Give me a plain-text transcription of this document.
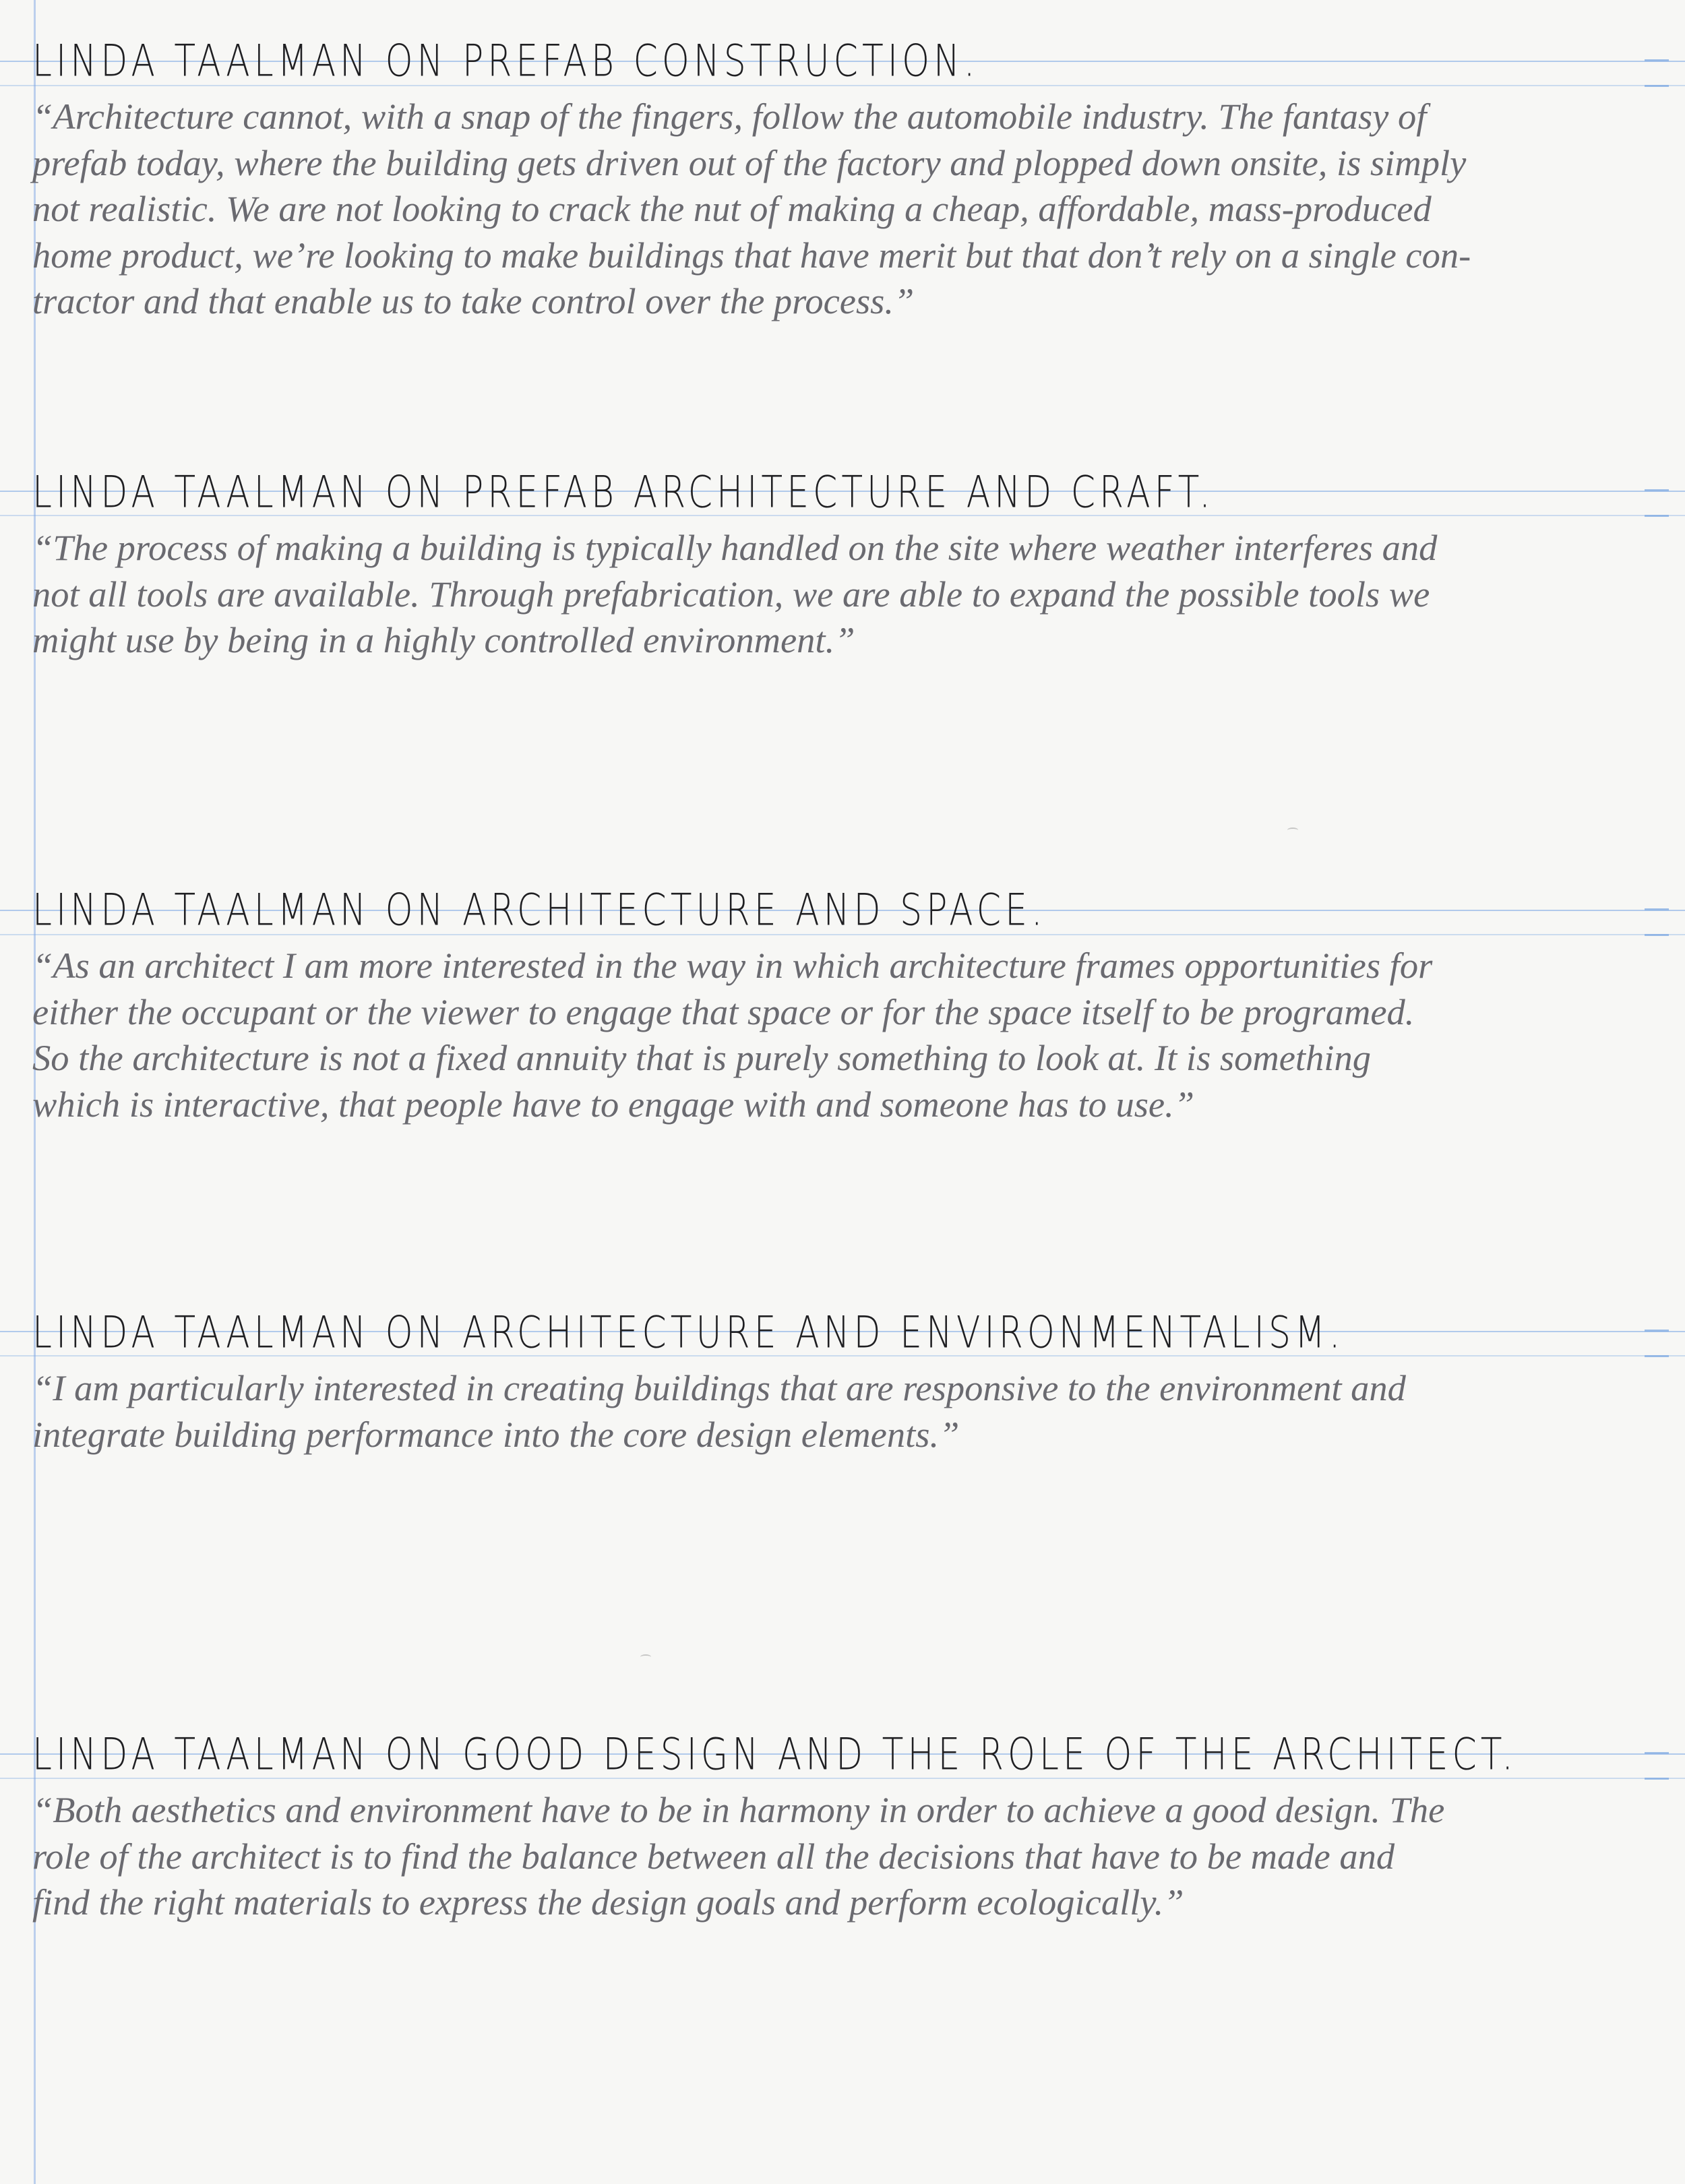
LINDA TAALMAN ON PREFAB CONSTRUCTION.

“Architecture cannot, with a snap of the fingers, follow the automobile industry. The fantasy of
prefab today, where the building gets driven out of the factory and plopped down onsite, is simply
not realistic. We are not looking to crack the nut of making a cheap, affordable, mass-produced
home product, we’re looking to make buildings that have merit but that don’t rely on a single con-
tractor and that enable us to take control over the process.”

LINDA TAALMAN ON PREFAB ARCHITECTURE AND CRAFT.

“The process of making a building is typically handled on the site where weather interferes and
not all tools are available. Through prefabrication, we are able to expand the possible tools we
might use by being in a highly controlled environment.”

LINDA TAALMAN ON ARCHITECTURE AND SPACE.

“As an architect I am more interested in the way in which architecture frames opportunities for
either the occupant or the viewer to engage that space or for the space itself to be programed.
So the architecture is not a fixed annuity that is purely something to look at. It is something
which is interactive, that people have to engage with and someone has to use.”

LINDA TAALMAN ON ARCHITECTURE AND ENVIRONMENTALISM.

“I am particularly interested in creating buildings that are responsive to the environment and
integrate building performance into the core design elements.”

LINDA TAALMAN ON GOOD DESIGN AND THE ROLE OF THE ARCHITECT.

“Both aesthetics and environment have to be in harmony in order to achieve a good design. The
role of the architect is to find the balance between all the decisions that have to be made and
find the right materials to express the design goals and perform ecologically.”
